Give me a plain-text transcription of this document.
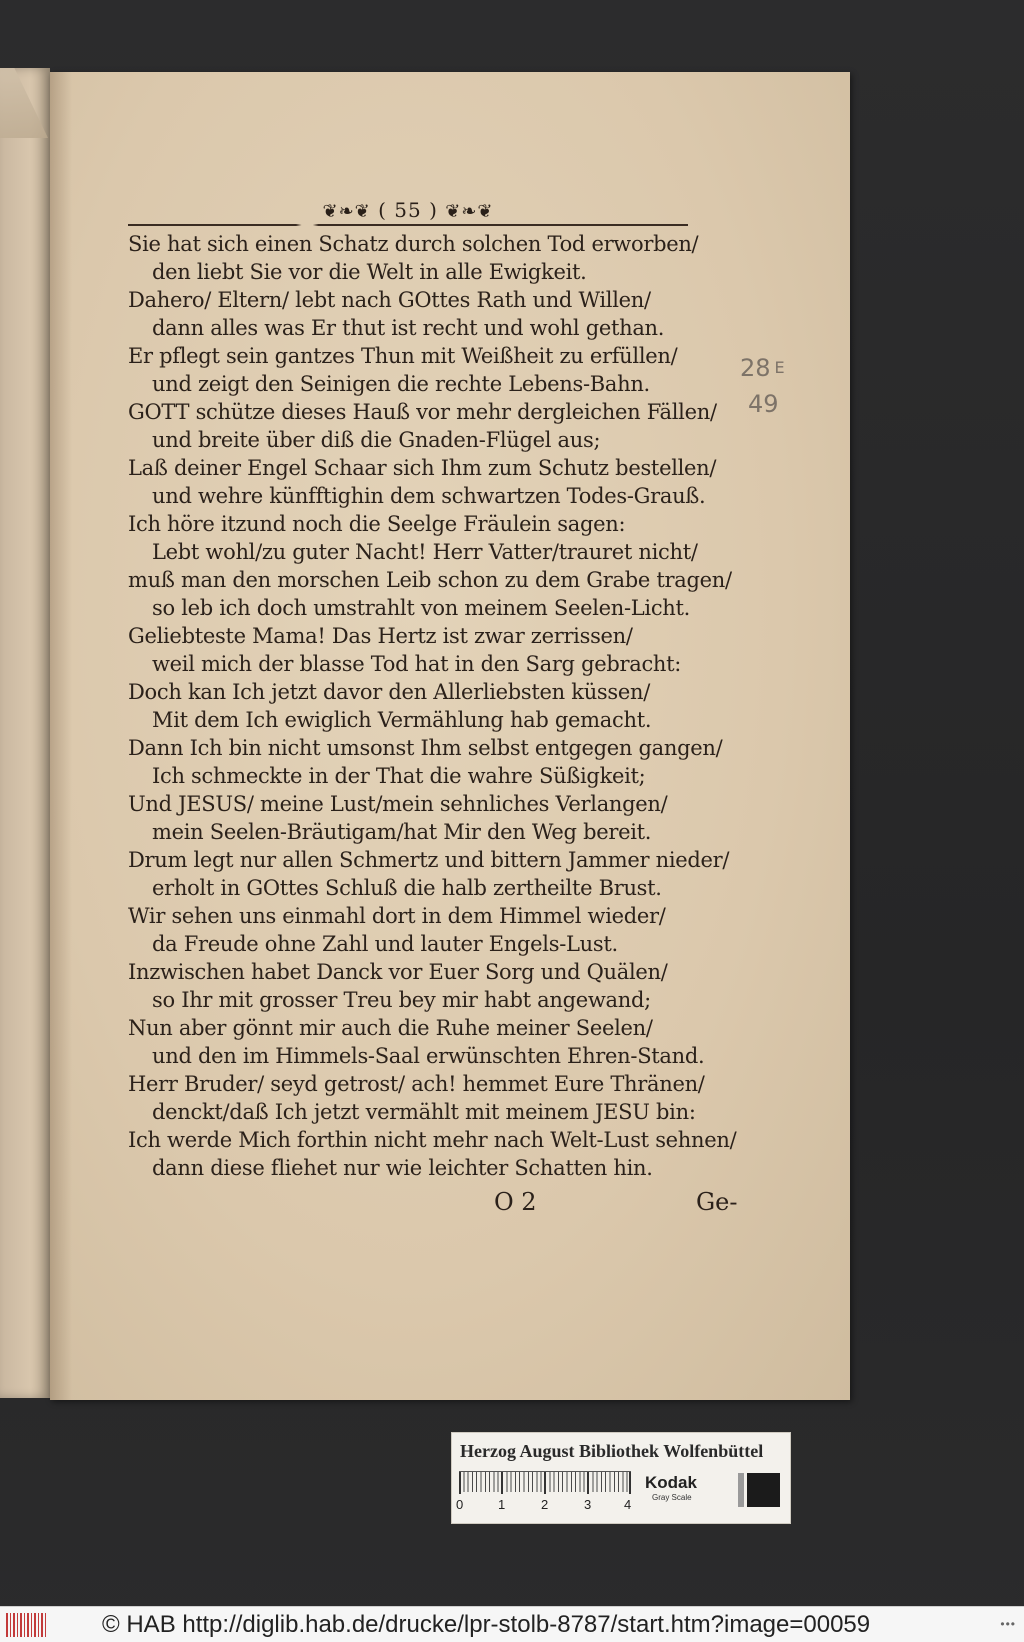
❦❧❦ ( 55 ) ❦❧❦
Sie hat sich einen Schatz durch solchen Tod erworben/
den liebt Sie vor die Welt in alle Ewigkeit.
Dahero/ Eltern/ lebt nach GOttes Rath und Willen/
dann alles was Er thut ist recht und wohl gethan.
Er pflegt sein gantzes Thun mit Weißheit zu erfüllen/
und zeigt den Seinigen die rechte Lebens-Bahn.
GOTT schütze dieses Hauß vor mehr dergleichen Fällen/
und breite über diß die Gnaden-Flügel aus;
Laß deiner Engel Schaar sich Ihm zum Schutz bestellen/
und wehre künfftighin dem schwartzen Todes-Grauß.
Ich höre itzund noch die Seelge Fräulein sagen:
Lebt wohl/zu guter Nacht! Herr Vatter/trauret nicht/
muß man den morschen Leib schon zu dem Grabe tragen/
so leb ich doch umstrahlt von meinem Seelen-Licht.
Geliebteste Mama! Das Hertz ist zwar zerrissen/
weil mich der blasse Tod hat in den Sarg gebracht:
Doch kan Ich jetzt davor den Allerliebsten küssen/
Mit dem Ich ewiglich Vermählung hab gemacht.
Dann Ich bin nicht umsonst Ihm selbst entgegen gangen/
Ich schmeckte in der That die wahre Süßigkeit;
Und JESUS/ meine Lust/mein sehnliches Verlangen/
mein Seelen-Bräutigam/hat Mir den Weg bereit.
Drum legt nur allen Schmertz und bittern Jammer nieder/
erholt in GOttes Schluß die halb zertheilte Brust.
Wir sehen uns einmahl dort in dem Himmel wieder/
da Freude ohne Zahl und lauter Engels-Lust.
Inzwischen habet Danck vor Euer Sorg und Quälen/
so Ihr mit grosser Treu bey mir habt angewand;
Nun aber gönnt mir auch die Ruhe meiner Seelen/
und den im Himmels-Saal erwünschten Ehren-Stand.
Herr Bruder/ seyd getrost/ ach! hemmet Eure Thränen/
denckt/daß Ich jetzt vermählt mit meinem JESU bin:
Ich werde Mich forthin nicht mehr nach Welt-Lust sehnen/
dann diese fliehet nur wie leichter Schatten hin.
O 2	Ge-
28 $^E$
49
Herzog August Bibliothek Wolfenbüttel
0	1	2	3	4
Kodak
Gray Scale
© HAB http://diglib.hab.de/drucke/lpr-stolb-8787/start.htm?image=00059	•••
